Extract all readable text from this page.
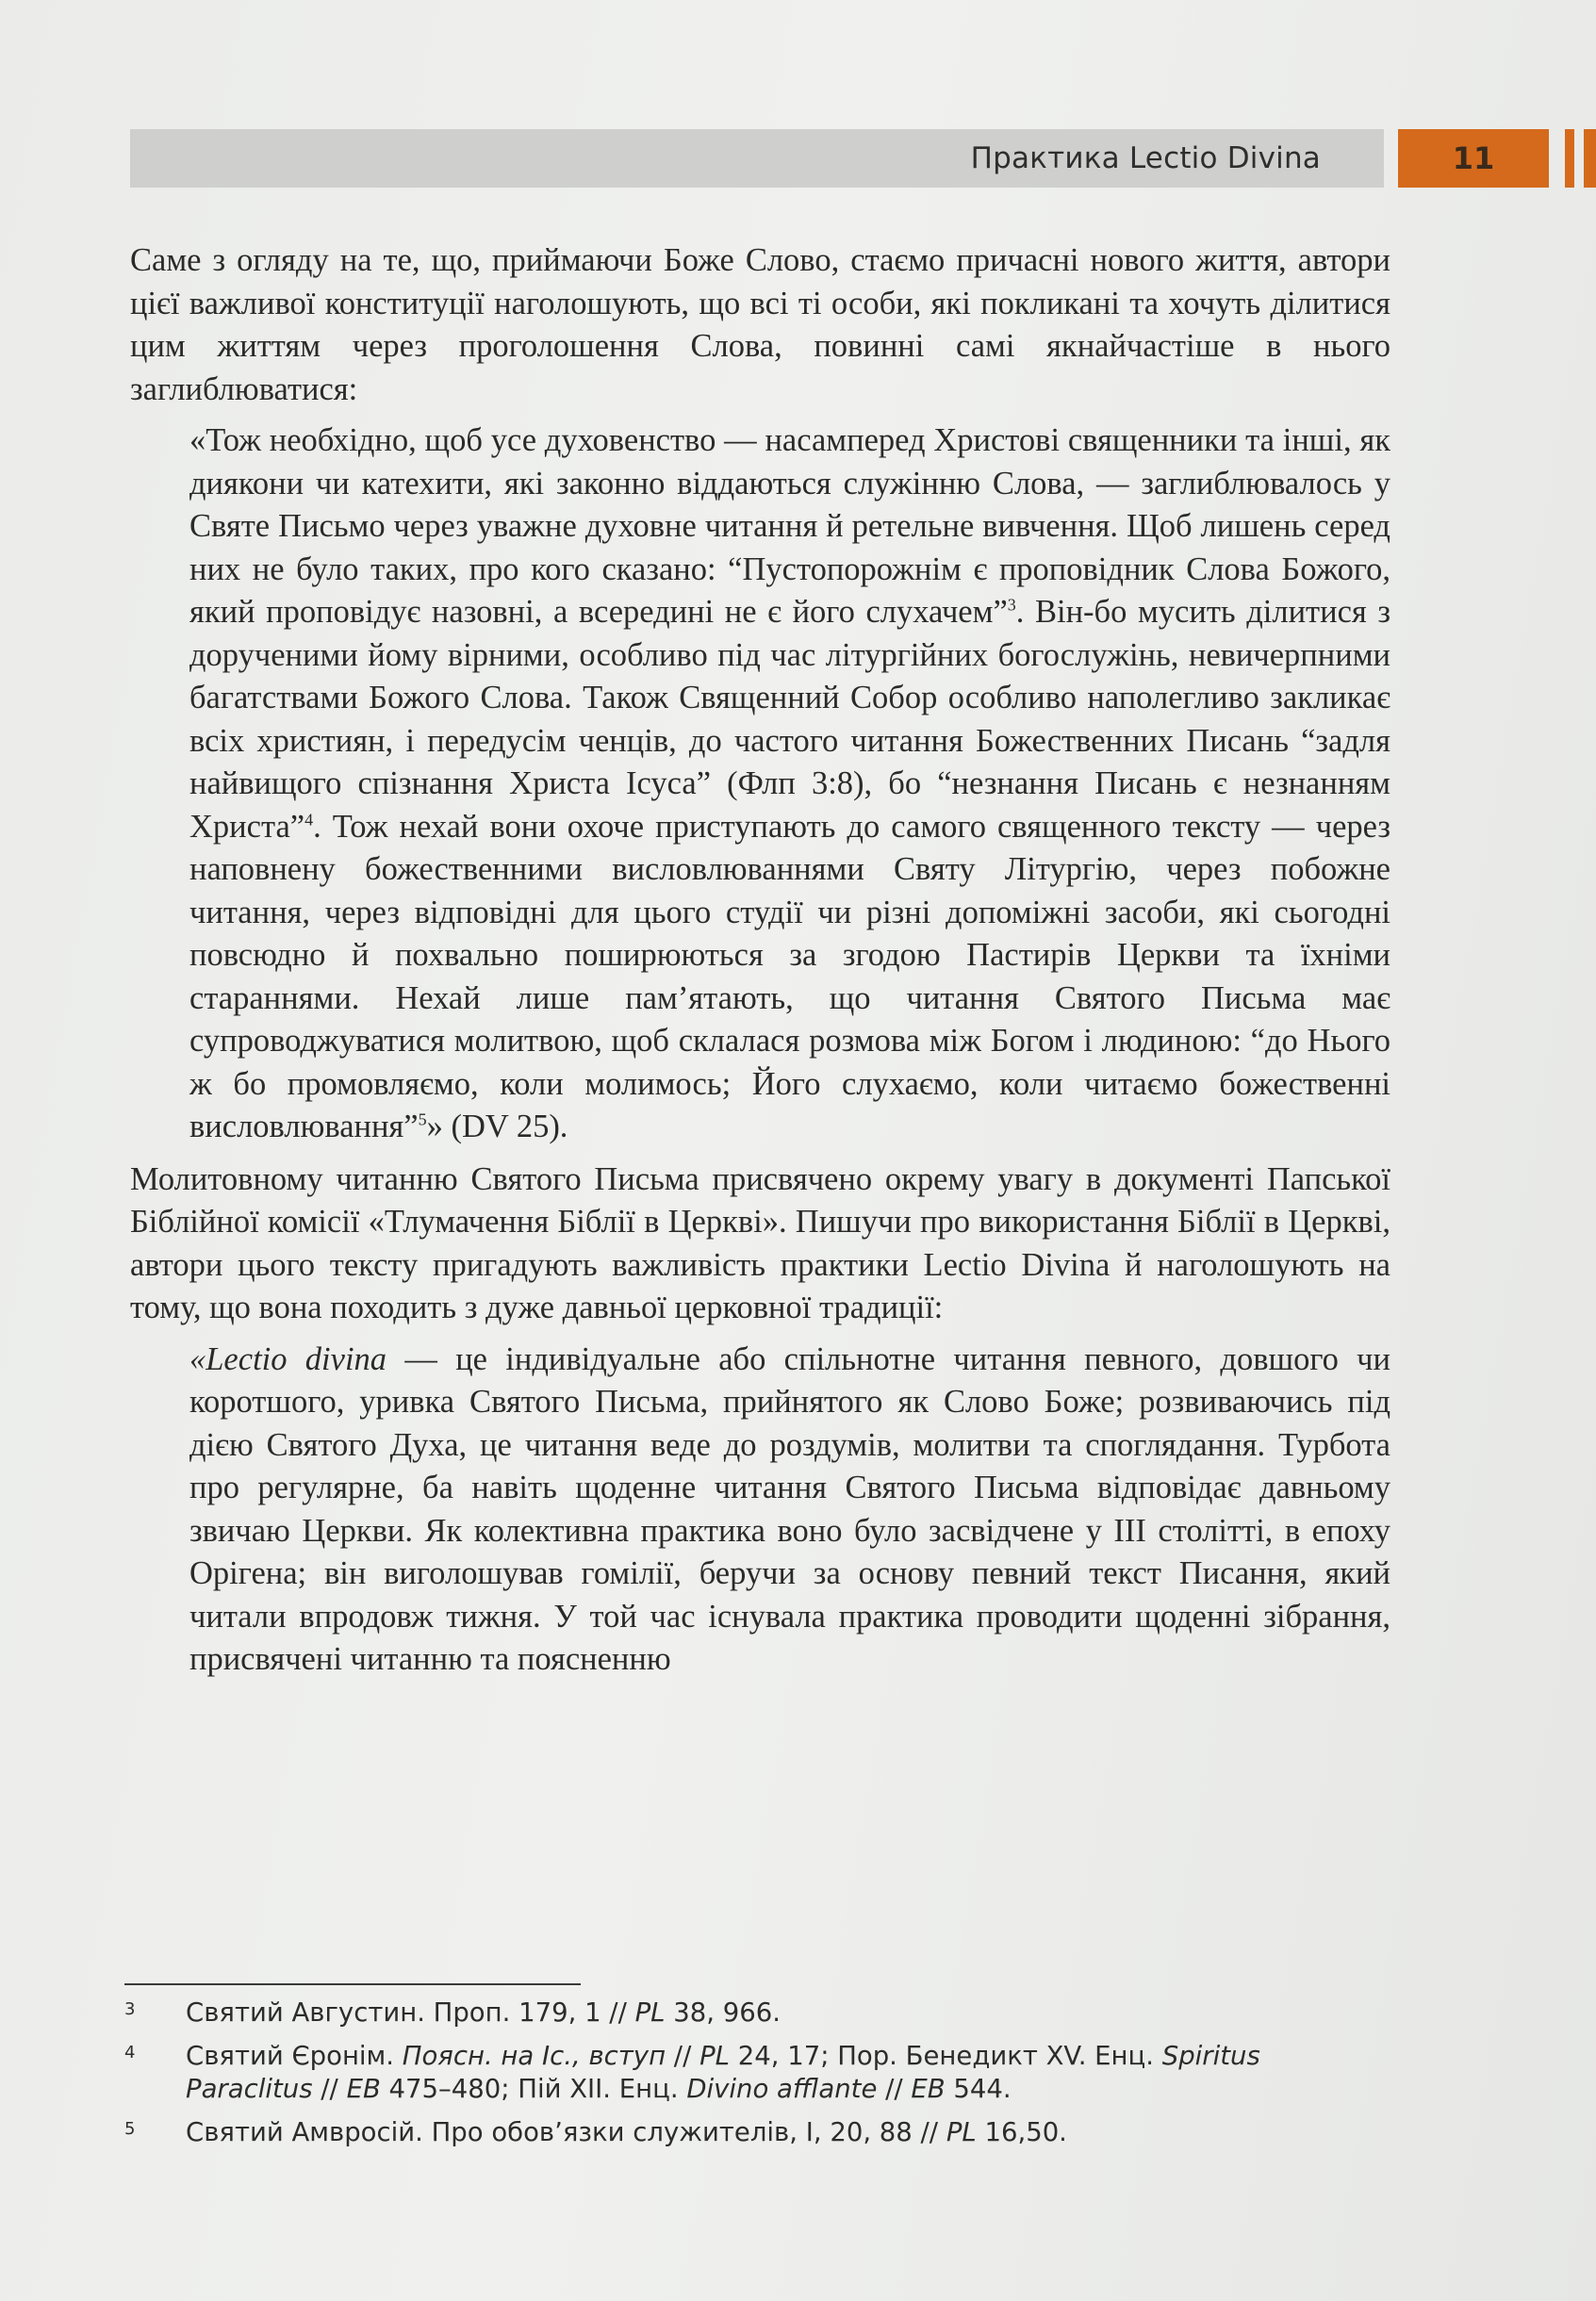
Практика Lectio Divina	11

Саме з огляду на те, що, приймаючи Боже Слово, стаємо причасні нового життя, автори цієї важливої конституції наголошують, що всі ті особи, які покликані та хочуть ділитися цим життям через проголошення Слова, повинні самі якнайчастіше в нього заглиблюватися:

«Тож необхідно, щоб усе духовенство — насамперед Христові священники та інші, як диякони чи катехити, які законно віддаються служінню Слова, — заглиблювалось у Святе Письмо через уважне духовне читання й ретельне вивчення. Щоб лишень серед них не було таких, про кого сказано: “Пустопорожнім є проповідник Слова Божого, який проповідує назовні, а всередині не є його слухачем”$^3$. Він-бо мусить ділитися з дорученими йому вірними, особливо під час літургійних богослужінь, невичерпними багатствами Божого Слова. Також Священний Собор особливо наполегливо закликає всіх християн, і передусім ченців, до частого читання Божественних Писань “задля найвищого спізнання Христа Ісуса” (Флп 3:8), бо “незнання Писань є незнанням Христа”$^4$. Тож нехай вони охоче приступають до самого священного тексту — через наповнену божественними висловлюваннями Святу Літургію, через побожне читання, через відповідні для цього студії чи різні допоміжні засоби, які сьогодні повсюдно й похвально поширюються за згодою Пастирів Церкви та їхніми стараннями. Нехай лише пам’ятають, що читання Святого Письма має супроводжуватися молитвою, щоб склалася розмова між Богом і людиною: “до Нього ж бо промовляємо, коли молимось; Його слухаємо, коли читаємо божественні висловлювання”$^5$» (DV 25).

Молитовному читанню Святого Письма присвячено окрему увагу в документі Папської Біблійної комісії «Тлумачення Біблії в Церкві». Пишучи про використання Біблії в Церкві, автори цього тексту пригадують важливість практики Lectio Divina й наголошують на тому, що вона походить з дуже давньої церковної традиції:

«Lectio divina — це індивідуальне або спільнотне читання певного, довшого чи коротшого, уривка Святого Письма, прийнятого як Слово Боже; розвиваючись під дією Святого Духа, це читання веде до роздумів, молитви та споглядання. Турбота про регулярне, ба навіть щоденне читання Святого Письма відповідає давньому звичаю Церкви. Як колективна практика воно було засвідчене у III столітті, в епоху Орігена; він виголошував гомілії, беручи за основу певний текст Писання, який читали впродовж тижня. У той час існувала практика проводити щоденні зібрання, присвячені читанню та поясненню

3 Святий Августин. Проп. 179, 1 // PL 38, 966.
4 Святий Єронім. Поясн. на Іс., вступ // PL 24, 17; Пор. Бенедикт XV. Енц. Spiritus Paraclitus // EB 475–480; Пій XII. Енц. Divino afflante // EB 544.
5 Святий Амвросій. Про обов’язки служителів, I, 20, 88 // PL 16,50.
